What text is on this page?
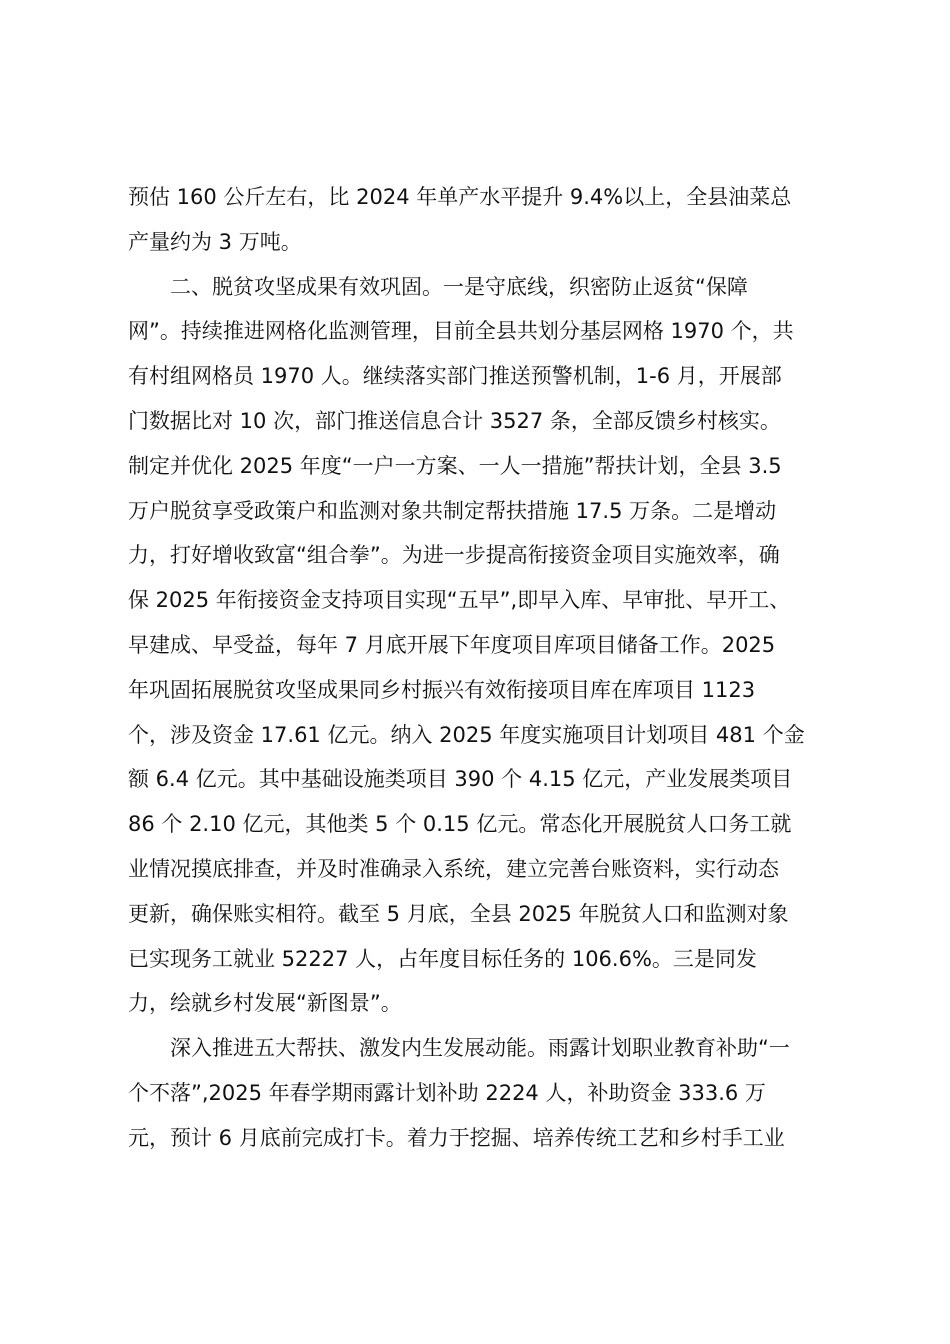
预估 160 公斤左右，比 2024 年单产水平提升 9.4%以上，全县油菜总
产量约为 3 万吨。
二、脱贫攻坚成果有效巩固。一是守底线，织密防止返贫“保障
网”。持续推进网格化监测管理，目前全县共划分基层网格 1970 个，共
有村组网格员 1970 人。继续落实部门推送预警机制，1-6 月，开展部
门数据比对 10 次，部门推送信息合计 3527 条，全部反馈乡村核实。
制定并优化 2025 年度“一户一方案、一人一措施”帮扶计划，全县 3.5
万户脱贫享受政策户和监测对象共制定帮扶措施 17.5 万条。二是增动
力，打好增收致富“组合拳”。为进一步提高衔接资金项目实施效率，确
保 2025 年衔接资金支持项目实现“五早”,即早入库、早审批、早开工、
早建成、早受益，每年 7 月底开展下年度项目库项目储备工作。2025
年巩固拓展脱贫攻坚成果同乡村振兴有效衔接项目库在库项目 1123
个，涉及资金 17.61 亿元。纳入 2025 年度实施项目计划项目 481 个金
额 6.4 亿元。其中基础设施类项目 390 个 4.15 亿元，产业发展类项目
86 个 2.10 亿元，其他类 5 个 0.15 亿元。常态化开展脱贫人口务工就
业情况摸底排查，并及时准确录入系统，建立完善台账资料，实行动态
更新，确保账实相符。截至 5 月底，全县 2025 年脱贫人口和监测对象
已实现务工就业 52227 人，占年度目标任务的 106.6%。三是同发
力，绘就乡村发展“新图景”。
深入推进五大帮扶、激发内生发展动能。雨露计划职业教育补助“一
个不落”,2025 年春学期雨露计划补助 2224 人，补助资金 333.6 万
元，预计 6 月底前完成打卡。着力于挖掘、培养传统工艺和乡村手工业
